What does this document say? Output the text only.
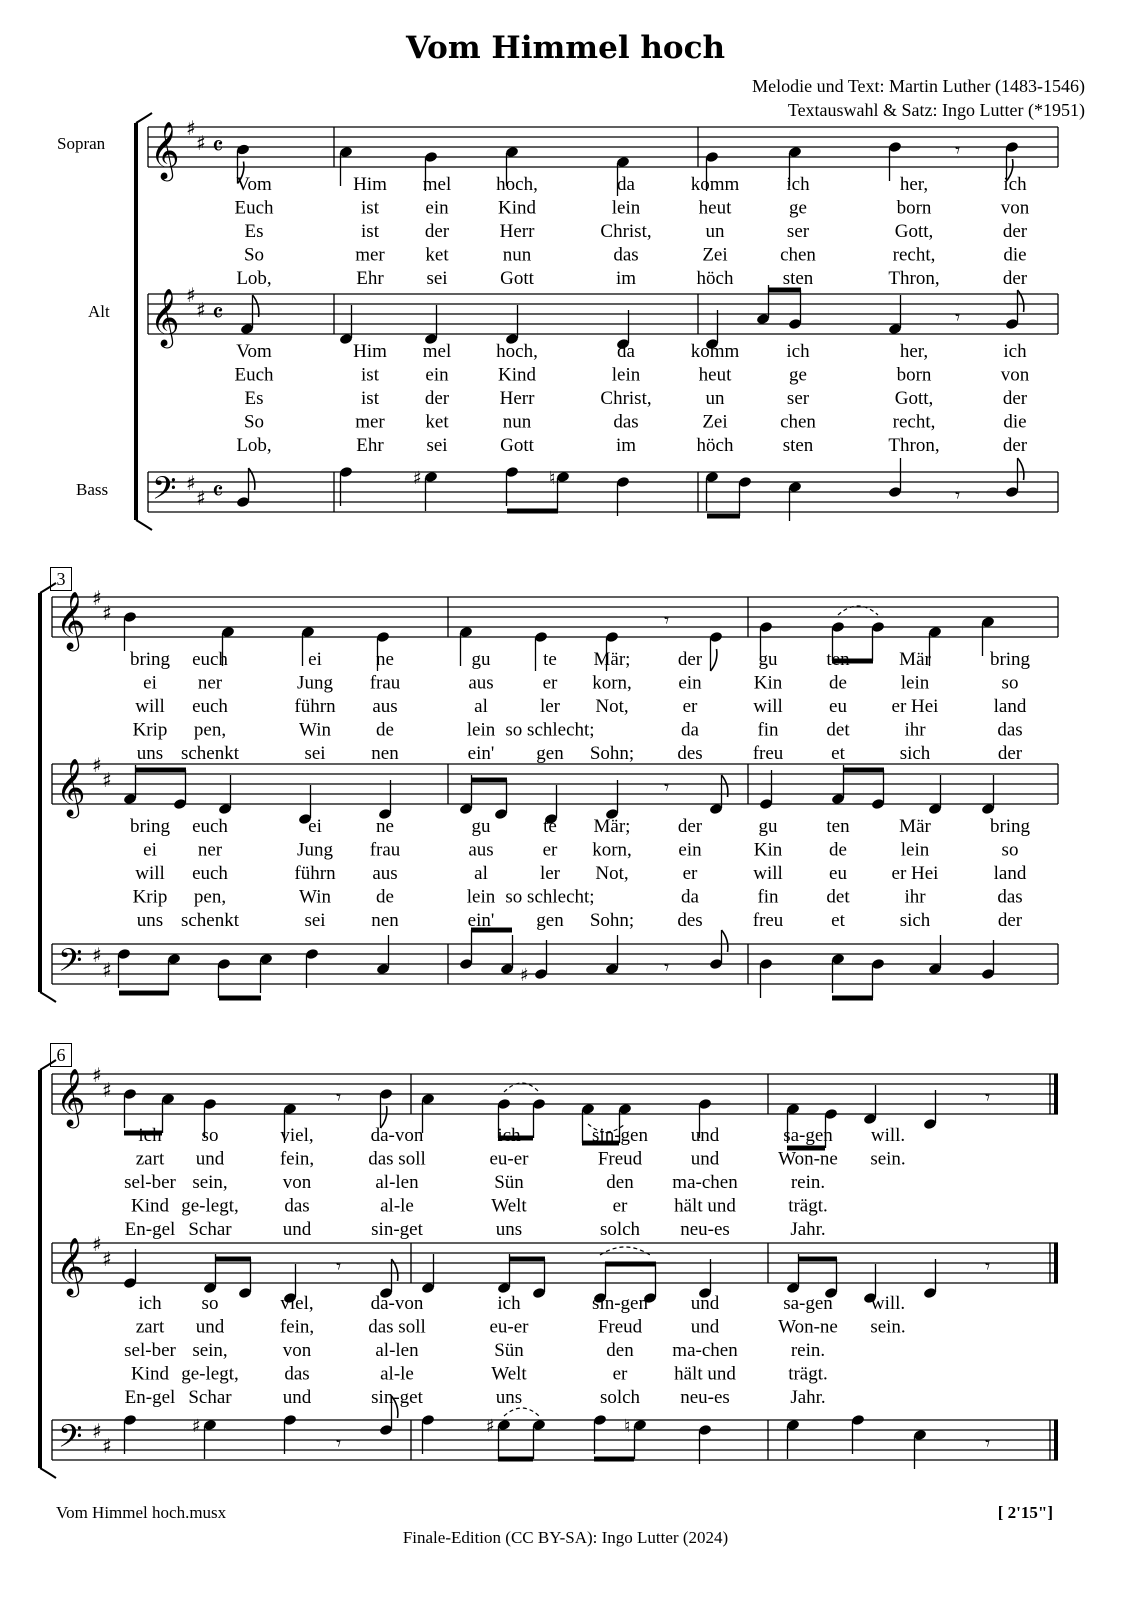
Vom Himmel hoch
Melodie und Text: Martin Luther (1483-1546)
Textauswahl & Satz: Ingo Lutter (*1951)
Sopran
Alt
Bass
3
6
𝄞 ♯
♯ 𝄴
𝄞 ♯
♯ 𝄴
𝄢 ♯
♯ 𝄴
𝄞 ♯
♯
𝄞 ♯
♯
𝄢 ♯
♯
𝄞 ♯
♯
𝄞 ♯
♯
𝄢 ♯
♯
𝄾
𝄾
♯	♮
𝄾
𝄾
𝄾
♯	𝄾
𝄾	𝄾
𝄾	𝄾
♯
𝄾
♯	♮
𝄾
Vom	Him mel hoch,	da	komm ich	her,	ich
Euch	ist ein	Kind	lein	heut	ge	born	von
Es	ist der	Herr	Christ,	un	ser	Gott,	der
So	mer ket	nun	das	Zei	chen	recht,	die
Lob,	Ehr sei	Gott	im	höch	sten	Thron,	der
Vom	Him mel hoch,	da	komm ich	her,	ich
Euch	ist ein	Kind	lein	heut	ge	born	von
Es	ist der	Herr	Christ,	un	ser	Gott,	der
So	mer ket	nun	das	Zei	chen	recht,	die
Lob,	Ehr sei	Gott	im	höch	sten	Thron,	der
bring euch	ei	ne	gu	te Mär; der	gu	ten	Mär	bring
ei ner	Jung frau	aus	er korn, ein	Kin de	lein	so
will euch	führn aus	al	ler Not,	er	will eu er Hei	land
Krip pen,	Win de	lein so schlecht;	da	fin	det	ihr	das
uns schenkt	sei nen	ein' gen Sohn; des	freu	et	sich	der
bring euch	ei	ne	gu	te Mär; der	gu	ten	Mär	bring
ei ner	Jung frau	aus	er korn, ein	Kin de	lein	so
will euch	führn aus	al	ler Not,	er	will eu er Hei	land
Krip pen,	Win de	lein so schlecht;	da	fin	det	ihr	das
uns schenkt	sei nen	ein' gen Sohn; des	freu	et	sich	der
ich so	viel,	da-von	ich	sin-gen und	sa-gen will.
zart und	fein,	das soll	eu-er	Freud	und	Won-ne sein.
sel-ber sein,	von	al-len	Sün	den ma-chen	rein.
Kind ge-legt, das	al-le	Welt	er hält und	trägt.
En-gel Schar	und	sin-get	uns	solch neu-es	Jahr.
ich so	viel,	da-von	ich	sin-gen und	sa-gen will.
zart und	fein,	das soll	eu-er	Freud	und	Won-ne sein.
sel-ber sein,	von	al-len	Sün	den ma-chen	rein.
Kind ge-legt, das	al-le	Welt	er hält und	trägt.
En-gel Schar	und	sin-get	uns	solch neu-es	Jahr.
Vom Himmel hoch.musx	[ 2'15"]
Finale-Edition (CC BY-SA): Ingo Lutter (2024)
